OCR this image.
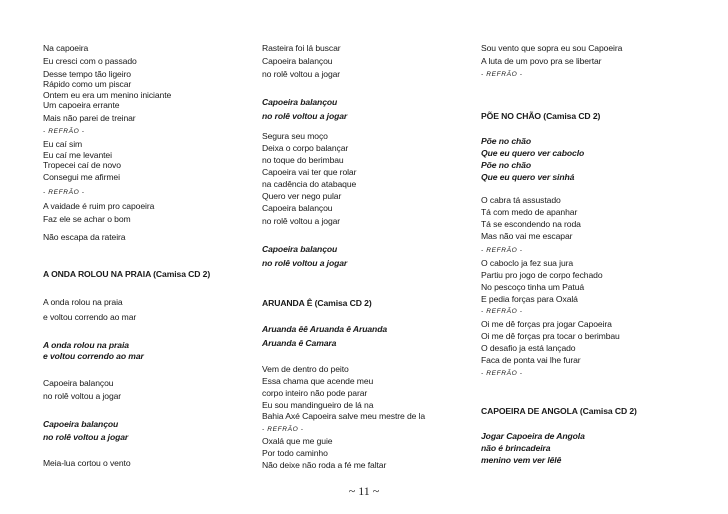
Na capoeira
Eu cresci com o passado
Desse tempo tão ligeiro
Rápido como um piscar
Ontem eu era um menino iniciante
Um capoeira errante
Mais não parei de treinar
- REFRÃO -
Eu caí sim
Eu caí me levantei
Tropecei caí de novo
Consegui me afirmei
- REFRÃO -
A vaidade é ruim pro capoeira
Faz ele se achar o bom
Não escapa da rateira
A ONDA ROLOU NA PRAIA (Camisa CD 2)
A onda rolou na praia
e voltou correndo ao mar
A onda rolou na praia
e voltou correndo ao mar
Capoeira balançou
no rolê voltou a jogar
Capoeira balançou
no rolê voltou a jogar
Meia-lua cortou o vento
Rasteira foi lá buscar
Capoeira balançou
no rolê voltou a jogar
Capoeira balançou
no rolê voltou a jogar
Segura seu moço
Deixa o corpo balançar
no toque do berimbau
Capoeira vai ter que rolar
na cadência do atabaque
Quero ver nego pular
Capoeira balançou
no rolê voltou a jogar
Capoeira balançou
no rolê voltou a jogar
ARUANDA Ê (Camisa CD 2)
Aruanda êê Aruanda ê Aruanda
Aruanda ê Camara
Vem de dentro do peito
Essa chama que acende meu
corpo inteiro não pode parar
Eu sou mandingueiro de lá na
Bahia Axé Capoeira salve meu mestre de la
- REFRÃO -
Oxalá que me guie
Por todo caminho
Não deixe não roda a fé me faltar
Sou vento que sopra eu sou Capoeira
A luta de um povo pra se libertar
- REFRÃO -
PÕE NO CHÃO (Camisa CD 2)
Põe no chão
Que eu quero ver caboclo
Põe no chão
Que eu quero ver sinhá
O cabra tá assustado
Tá com medo de apanhar
Tá se escondendo na roda
Mas não vai me escapar
- REFRÃO -
O caboclo ja fez sua jura
Partiu pro jogo de corpo fechado
No pescoço tinha um Patuá
E pedia forças para Oxalá
- REFRÃO -
Oi me dê forças pra jogar Capoeira
Oi me dê forças pra tocar o berimbau
O desafio ja está lançado
Faca de ponta vai lhe furar
- REFRÃO -
CAPOEIRA DE ANGOLA (Camisa CD 2)
Jogar Capoeira de Angola
não é brincadeira
menino vem ver lêlê
~ 11 ~
